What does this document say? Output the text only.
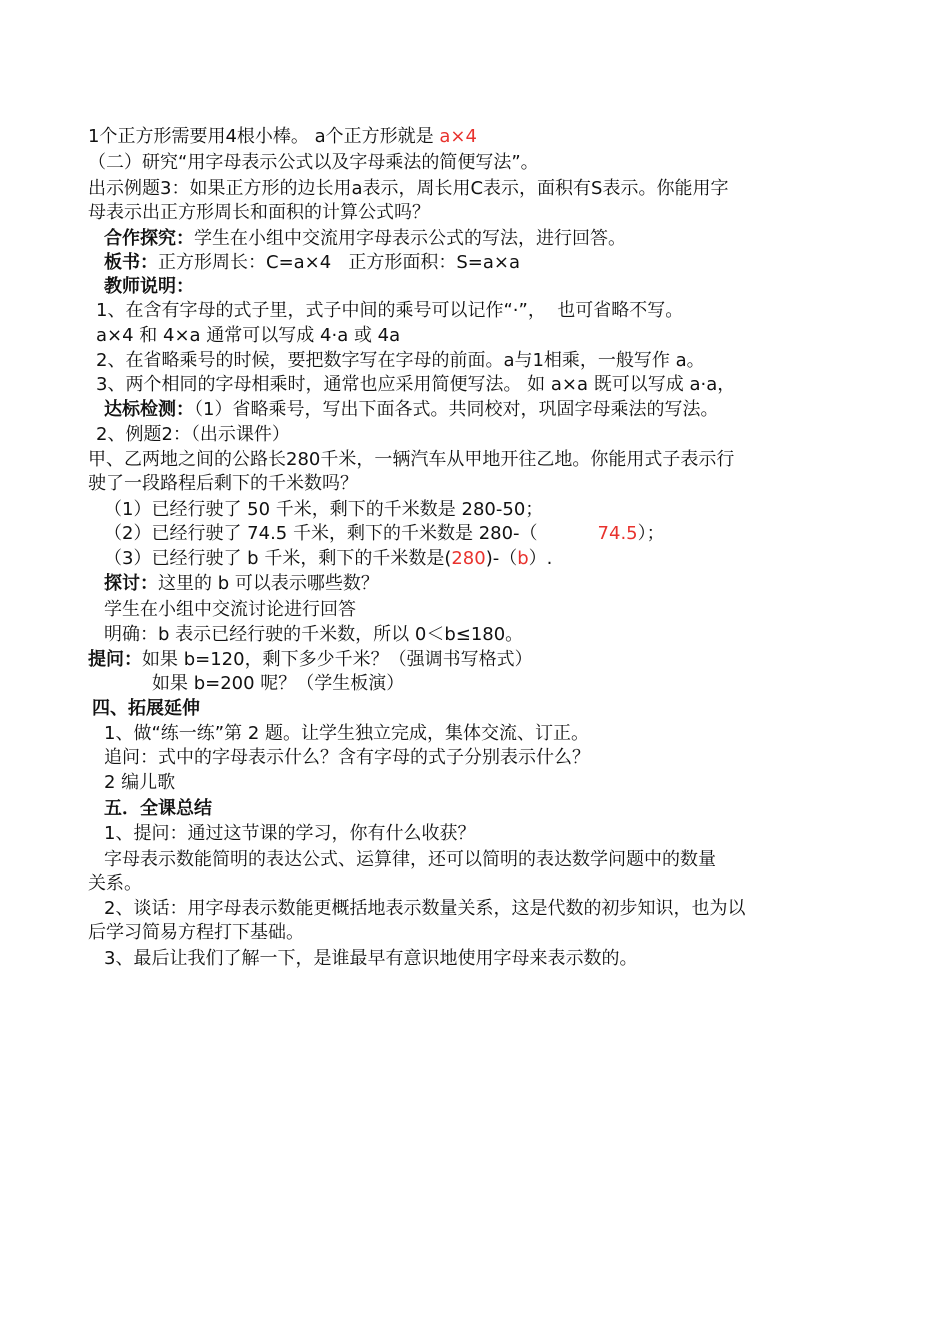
1个正方形需要用4根小棒。 a个正方形就是 a×4
（二）研究“用字母表示公式以及字母乘法的简便写法”。
出示例题3：如果正方形的边长用a表示，周长用C表示，面积有S表示。你能用字
母表示出正方形周长和面积的计算公式吗？
合作探究：学生在小组中交流用字母表示公式的写法，进行回答。
板书：正方形周长：C=a×4   正方形面积：S=a×a
教师说明：
1、在含有字母的式子里，式子中间的乘号可以记作“·”，  也可省略不写。
a×4 和 4×a 通常可以写成 4·a 或 4a
2、在省略乘号的时候，要把数字写在字母的前面。a与1相乘，一般写作 a。
3、两个相同的字母相乘时，通常也应采用简便写法。 如 a×a 既可以写成 a·a，
达标检测：（1）省略乘号，写出下面各式。共同校对，巩固字母乘法的写法。
2、例题2：（出示课件）
甲、乙两地之间的公路长280千米，一辆汽车从甲地开往乙地。你能用式子表示行
驶了一段路程后剩下的千米数吗？
（1）已经行驶了 50 千米，剩下的千米数是 280-50；
（2）已经行驶了 74.5 千米，剩下的千米数是 280-（	74.5）；
（3）已经行驶了 b 千米，剩下的千米数是(280)-（b）.
探讨：这里的 b 可以表示哪些数？
学生在小组中交流讨论进行回答
明确：b 表示已经行驶的千米数，所以 0＜b≤180。
提问：如果 b=120，剩下多少千米？（强调书写格式）
如果 b=200 呢？（学生板演）
四、拓展延伸
1、做“练一练”第 2 题。让学生独立完成，集体交流、订正。
追问：式中的字母表示什么？含有字母的式子分别表示什么？
2 编儿歌
五．全课总结
1、提问：通过这节课的学习，你有什么收获？
字母表示数能简明的表达公式、运算律，还可以简明的表达数学问题中的数量
关系。
2、谈话：用字母表示数能更概括地表示数量关系，这是代数的初步知识，也为以
后学习简易方程打下基础。
3、最后让我们了解一下，是谁最早有意识地使用字母来表示数的。
